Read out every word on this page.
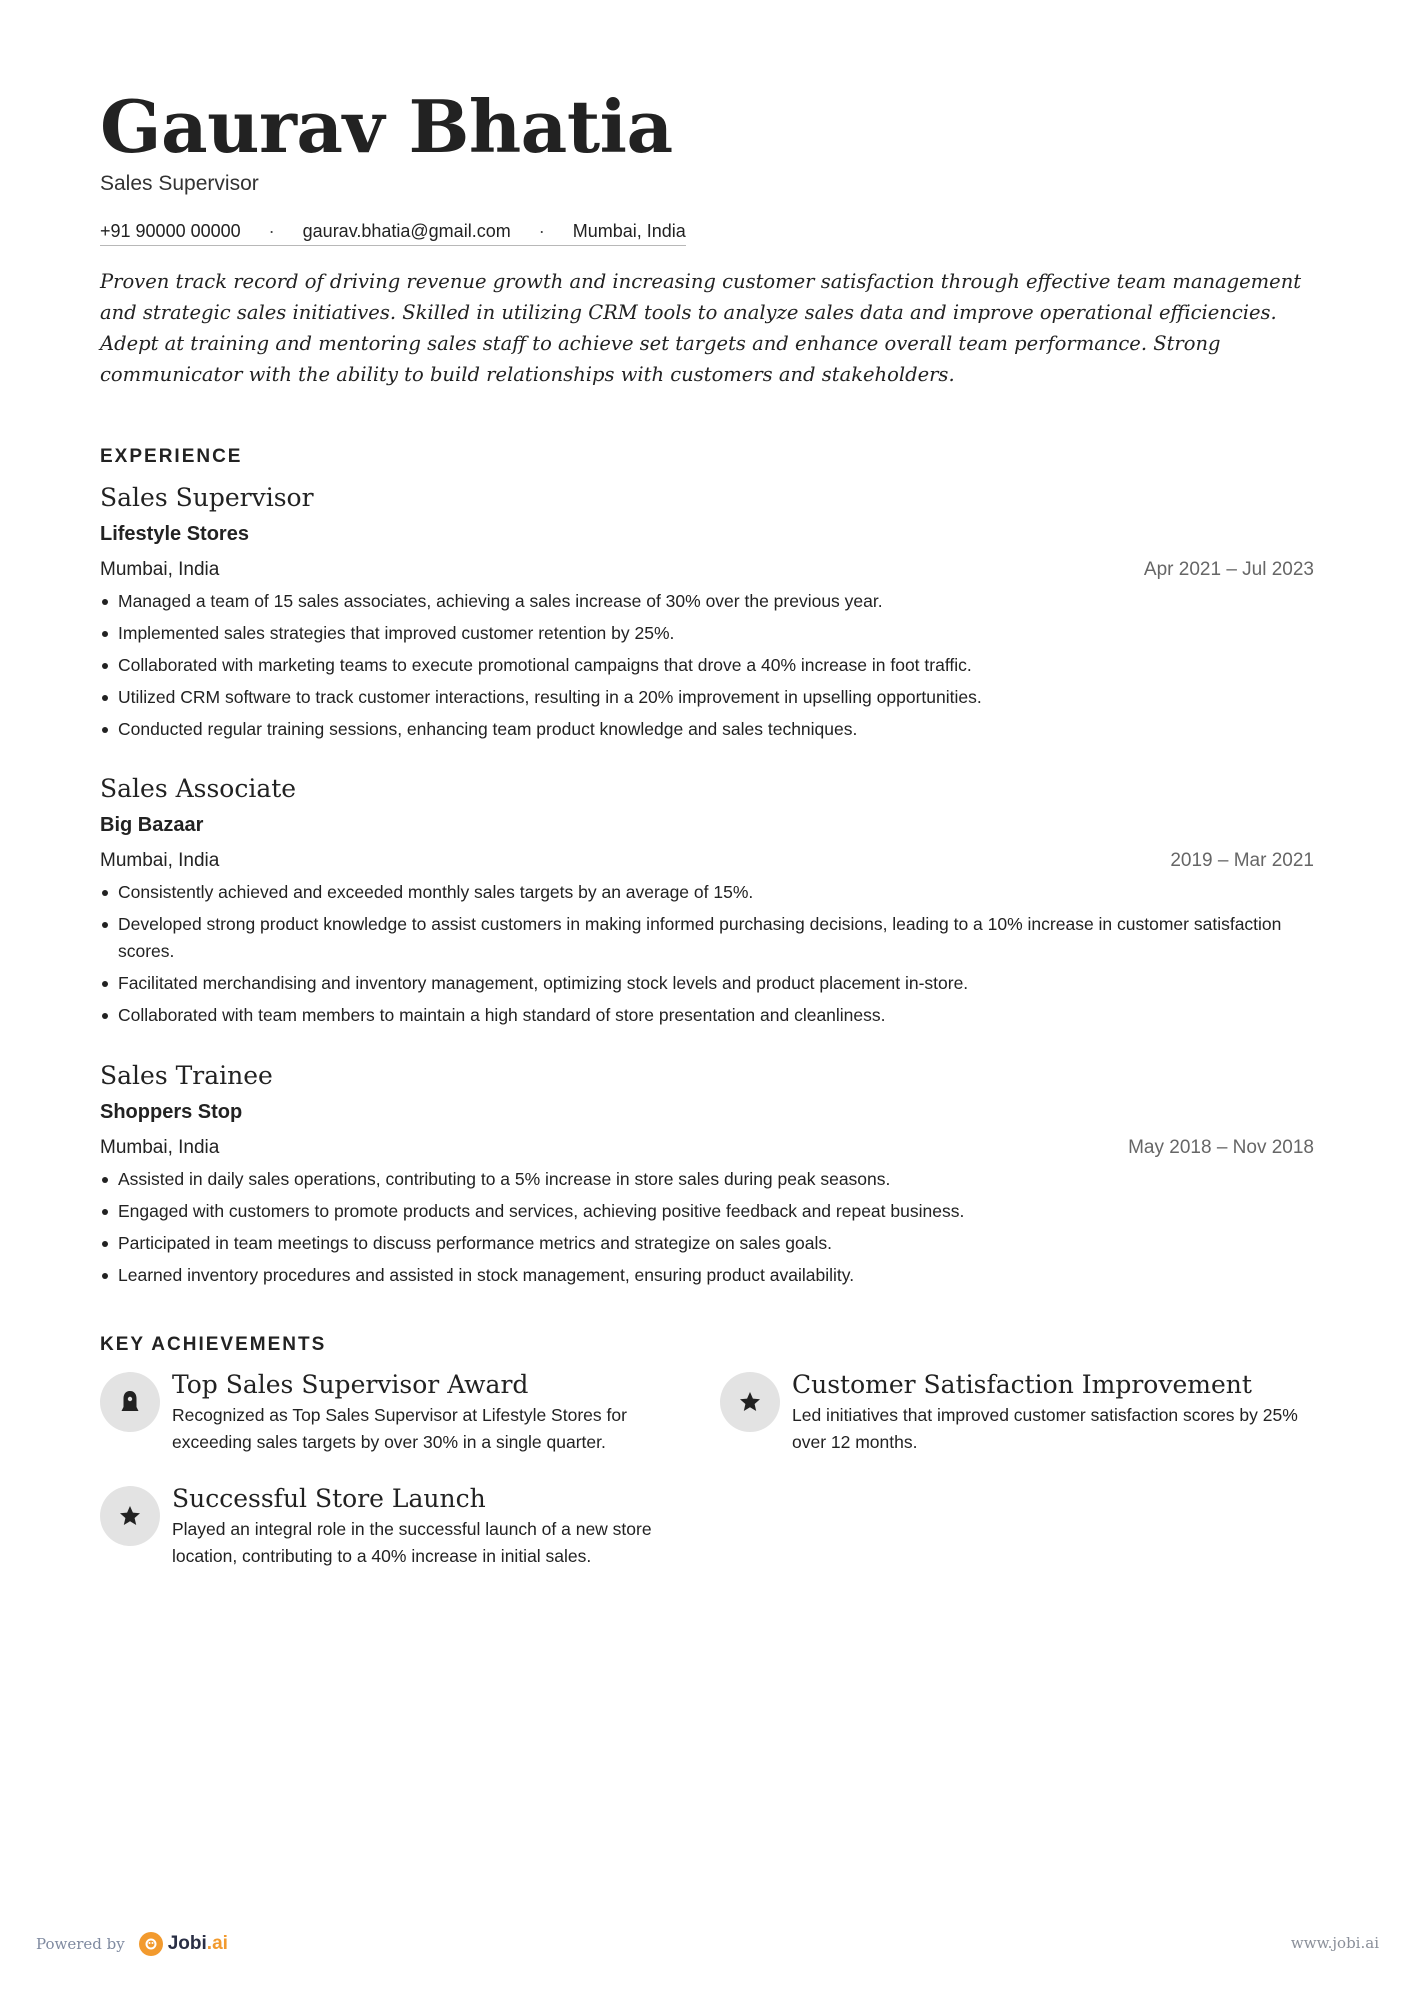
Gaurav Bhatia
Sales Supervisor
+91 90000 00000	·	gaurav.bhatia@gmail.com	·	Mumbai, India
Proven track record of driving revenue growth and increasing customer satisfaction through effective team management and strategic sales initiatives. Skilled in utilizing CRM tools to analyze sales data and improve operational efficiencies. Adept at training and mentoring sales staff to achieve set targets and enhance overall team performance. Strong communicator with the ability to build relationships with customers and stakeholders.
EXPERIENCE
Sales Supervisor
Lifestyle Stores
Mumbai, India	Apr 2021 – Jul 2023
Managed a team of 15 sales associates, achieving a sales increase of 30% over the previous year.
Implemented sales strategies that improved customer retention by 25%.
Collaborated with marketing teams to execute promotional campaigns that drove a 40% increase in foot traffic.
Utilized CRM software to track customer interactions, resulting in a 20% improvement in upselling opportunities.
Conducted regular training sessions, enhancing team product knowledge and sales techniques.
Sales Associate
Big Bazaar
Mumbai, India	2019 – Mar 2021
Consistently achieved and exceeded monthly sales targets by an average of 15%.
Developed strong product knowledge to assist customers in making informed purchasing decisions, leading to a 10% increase in customer satisfaction scores.
Facilitated merchandising and inventory management, optimizing stock levels and product placement in-store.
Collaborated with team members to maintain a high standard of store presentation and cleanliness.
Sales Trainee
Shoppers Stop
Mumbai, India	May 2018 – Nov 2018
Assisted in daily sales operations, contributing to a 5% increase in store sales during peak seasons.
Engaged with customers to promote products and services, achieving positive feedback and repeat business.
Participated in team meetings to discuss performance metrics and strategize on sales goals.
Learned inventory procedures and assisted in stock management, ensuring product availability.
KEY ACHIEVEMENTS
Top Sales Supervisor Award
Recognized as Top Sales Supervisor at Lifestyle Stores for exceeding sales targets by over 30% in a single quarter.
Customer Satisfaction Improvement
Led initiatives that improved customer satisfaction scores by 25% over 12 months.
Successful Store Launch
Played an integral role in the successful launch of a new store location, contributing to a 40% increase in initial sales.
Powered by Jobi.ai	www.jobi.ai
